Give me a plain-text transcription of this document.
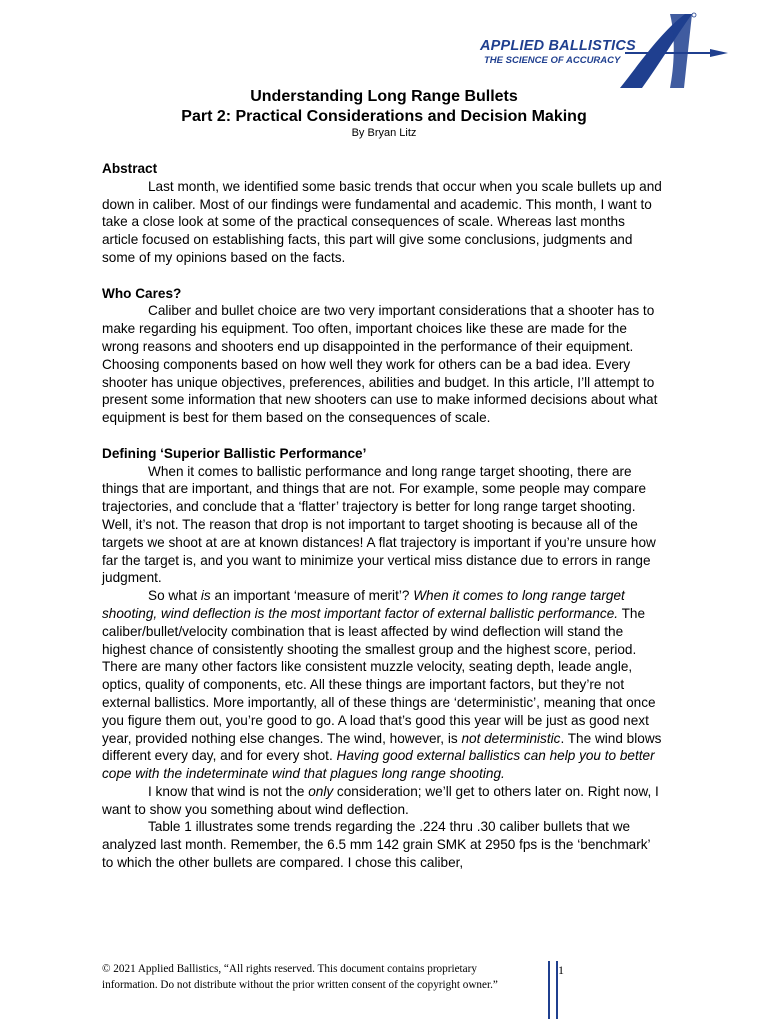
APPLIED BALLISTICS
THE SCIENCE OF ACCURACY
Understanding Long Range Bullets
Part 2: Practical Considerations and Decision Making
By Bryan Litz
Abstract

Last month, we identified some basic trends that occur when you scale bullets up and down in caliber. Most of our findings were fundamental and academic. This month, I want to take a close look at some of the practical consequences of scale. Whereas last months article focused on establishing facts, this part will give some conclusions, judgments and some of my opinions based on the facts.

Who Cares?

Caliber and bullet choice are two very important considerations that a shooter has to make regarding his equipment. Too often, important choices like these are made for the wrong reasons and shooters end up disappointed in the performance of their equipment. Choosing components based on how well they work for others can be a bad idea. Every shooter has unique objectives, preferences, abilities and budget. In this article, I’ll attempt to present some information that new shooters can use to make informed decisions about what equipment is best for them based on the consequences of scale.

Defining ‘Superior Ballistic Performance’

When it comes to ballistic performance and long range target shooting, there are things that are important, and things that are not. For example, some people may compare trajectories, and conclude that a ‘flatter’ trajectory is better for long range target shooting. Well, it’s not. The reason that drop is not important to target shooting is because all of the targets we shoot at are at known distances! A flat trajectory is important if you’re unsure how far the target is, and you want to minimize your vertical miss distance due to errors in range judgment.

So what is an important ‘measure of merit’? When it comes to long range target shooting, wind deflection is the most important factor of external ballistic performance. The caliber/bullet/velocity combination that is least affected by wind deflection will stand the highest chance of consistently shooting the smallest group and the highest score, period. There are many other factors like consistent muzzle velocity, seating depth, leade angle, optics, quality of components, etc. All these things are important factors, but they’re not external ballistics. More importantly, all of these things are ‘deterministic’, meaning that once you figure them out, you’re good to go. A load that’s good this year will be just as good next year, provided nothing else changes. The wind, however, is not deterministic. The wind blows different every day, and for every shot. Having good external ballistics can help you to better cope with the indeterminate wind that plagues long range shooting.

I know that wind is not the only consideration; we’ll get to others later on. Right now, I want to show you something about wind deflection.

Table 1 illustrates some trends regarding the .224 thru .30 caliber bullets that we analyzed last month. Remember, the 6.5 mm 142 grain SMK at 2950 fps is the ‘benchmark’ to which the other bullets are compared. I chose this caliber,

© 2021 Applied Ballistics, “All rights reserved. This document contains proprietary information. Do not distribute without the prior written consent of the copyright owner.”
1
